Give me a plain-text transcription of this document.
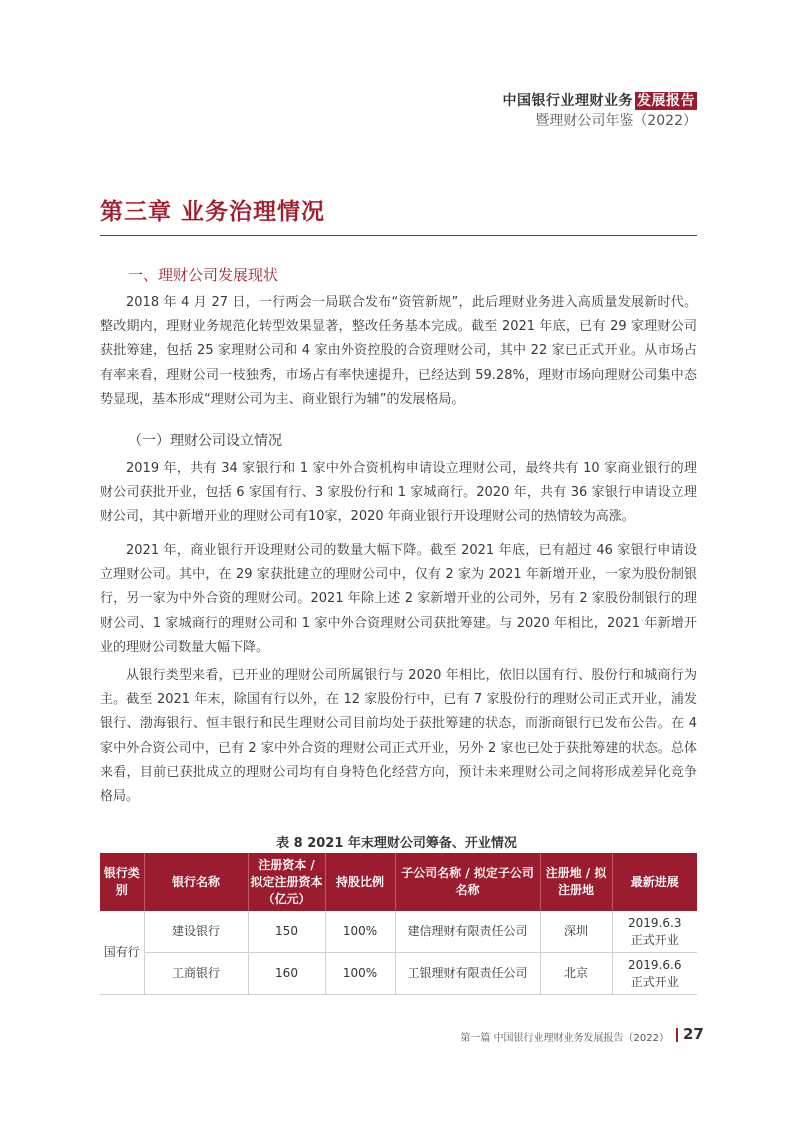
中国银行业理财业务 发展报告
暨理财公司年鉴（2022）
第三章 业务治理情况
一、理财公司发展现状

2018 年 4 月 27 日，一行两会一局联合发布“资管新规”，此后理财业务进入高质量发展新时代。整改期内，理财业务规范化转型效果显著，整改任务基本完成。截至 2021 年底，已有 29 家理财公司获批筹建，包括 25 家理财公司和 4 家由外资控股的合资理财公司，其中 22 家已正式开业。从市场占有率来看，理财公司一枝独秀，市场占有率快速提升，已经达到 59.28%，理财市场向理财公司集中态势显现，基本形成“理财公司为主、商业银行为辅”的发展格局。

（一）理财公司设立情况

2019 年，共有 34 家银行和 1 家中外合资机构申请设立理财公司，最终共有 10 家商业银行的理财公司获批开业，包括 6 家国有行、3 家股份行和 1 家城商行。2020 年，共有 36 家银行申请设立理财公司，其中新增开业的理财公司有10家，2020 年商业银行开设理财公司的热情较为高涨。

2021 年，商业银行开设理财公司的数量大幅下降。截至 2021 年底，已有超过 46 家银行申请设立理财公司。其中，在 29 家获批建立的理财公司中，仅有 2 家为 2021 年新增开业，一家为股份制银行，另一家为中外合资的理财公司。2021 年除上述 2 家新增开业的公司外，另有 2 家股份制银行的理财公司、1 家城商行的理财公司和 1 家中外合资理财公司获批筹建。与 2020 年相比，2021 年新增开业的理财公司数量大幅下降。

从银行类型来看，已开业的理财公司所属银行与 2020 年相比，依旧以国有行、股份行和城商行为主。截至 2021 年末，除国有行以外，在 12 家股份行中，已有 7 家股份行的理财公司正式开业，浦发银行、渤海银行、恒丰银行和民生理财公司目前均处于获批筹建的状态，而浙商银行已发布公告。在 4 家中外合资公司中，已有 2 家中外合资的理财公司正式开业，另外 2 家也已处于获批筹建的状态。总体来看，目前已获批成立的理财公司均有自身特色化经营方向，预计未来理财公司之间将形成差异化竞争格局。

表 8 2021 年末理财公司筹备、开业情况
银行类别	银行名称	注册资本 / 拟定注册资本（亿元）	持股比例	子公司名称 / 拟定子公司名称	注册地 / 拟注册地	最新进展
国有行	建设银行	150	100%	建信理财有限责任公司	深圳	2019.6.3
正式开业

	工商银行	160	100%	工银理财有限责任公司	北京	2019.6.6
正式开业
第一篇 中国银行业理财业务发展报告（2022） 27
